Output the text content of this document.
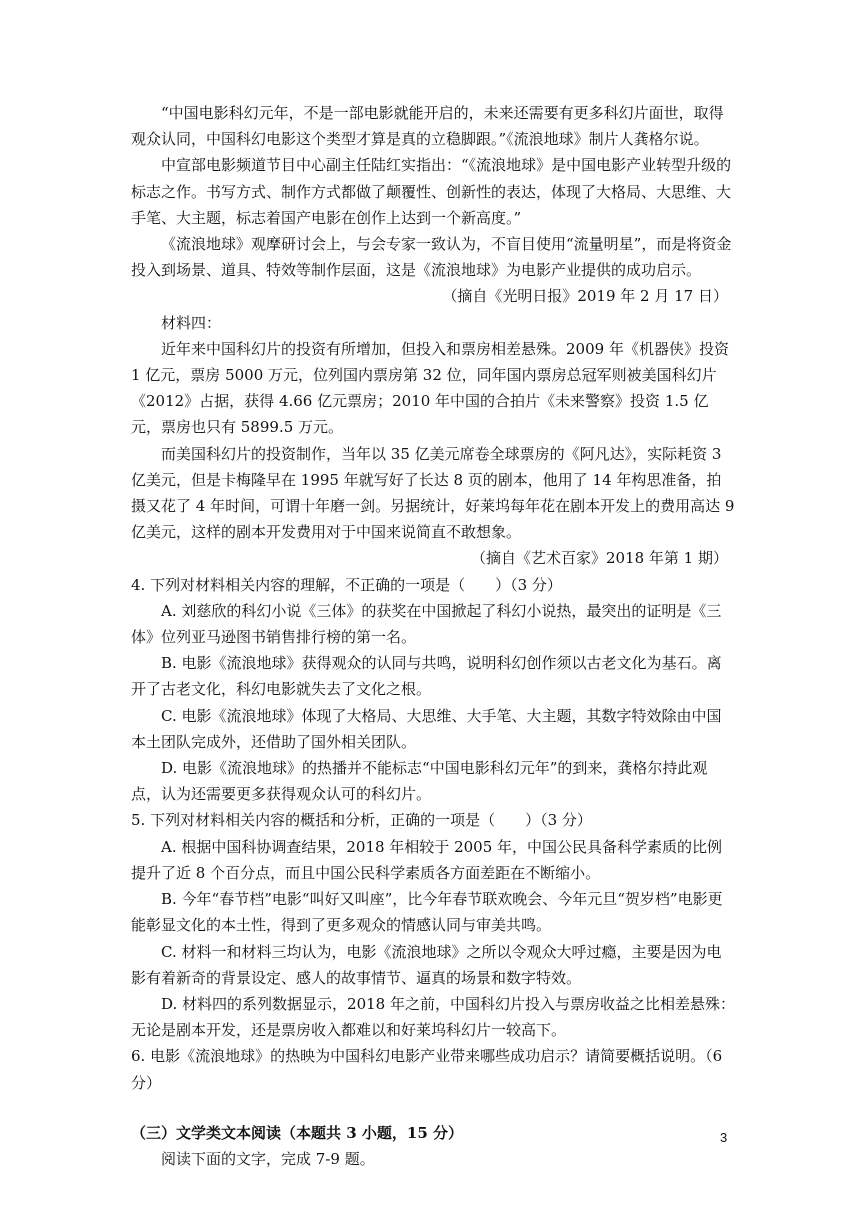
“中国电影科幻元年，不是一部电影就能开启的，未来还需要有更多科幻片面世，取得观众认同，中国科幻电影这个类型才算是真的立稳脚跟。”《流浪地球》制片人龚格尔说。

中宣部电影频道节目中心副主任陆红实指出：“《流浪地球》是中国电影产业转型升级的标志之作。书写方式、制作方式都做了颠覆性、创新性的表达，体现了大格局、大思维、大手笔、大主题，标志着国产电影在创作上达到一个新高度。”

《流浪地球》观摩研讨会上，与会专家一致认为，不盲目使用“流量明星”，而是将资金投入到场景、道具、特效等制作层面，这是《流浪地球》为电影产业提供的成功启示。

（摘自《光明日报》2019 年 2 月 17 日）

材料四：

近年来中国科幻片的投资有所增加，但投入和票房相差悬殊。2009 年《机器侠》投资 1 亿元，票房 5000 万元，位列国内票房第 32 位，同年国内票房总冠军则被美国科幻片《2012》占据，获得 4.66 亿元票房；2010 年中国的合拍片《未来警察》投资 1.5 亿元，票房也只有 5899.5 万元。

而美国科幻片的投资制作，当年以 35 亿美元席卷全球票房的《阿凡达》，实际耗资 3 亿美元，但是卡梅隆早在 1995 年就写好了长达 8 页的剧本，他用了 14 年构思准备，拍摄又花了 4 年时间，可谓十年磨一剑。另据统计，好莱坞每年花在剧本开发上的费用高达 9 亿美元，这样的剧本开发费用对于中国来说简直不敢想象。

（摘自《艺术百家》2018 年第 1 期）

4. 下列对材料相关内容的理解，不正确的一项是（　　）（3 分）

A. 刘慈欣的科幻小说《三体》的获奖在中国掀起了科幻小说热，最突出的证明是《三体》位列亚马逊图书销售排行榜的第一名。

B. 电影《流浪地球》获得观众的认同与共鸣，说明科幻创作须以古老文化为基石。离开了古老文化，科幻电影就失去了文化之根。

C. 电影《流浪地球》体现了大格局、大思维、大手笔、大主题，其数字特效除由中国本土团队完成外，还借助了国外相关团队。

D. 电影《流浪地球》的热播并不能标志“中国电影科幻元年”的到来，龚格尔持此观点，认为还需要更多获得观众认可的科幻片。

5. 下列对材料相关内容的概括和分析，正确的一项是（　　）（3 分）

A. 根据中国科协调查结果，2018 年相较于 2005 年，中国公民具备科学素质的比例提升了近 8 个百分点，而且中国公民科学素质各方面差距在不断缩小。

B. 今年“春节档”电影“叫好又叫座”，比今年春节联欢晚会、今年元旦“贺岁档”电影更能彰显文化的本土性，得到了更多观众的情感认同与审美共鸣。

C. 材料一和材料三均认为，电影《流浪地球》之所以令观众大呼过瘾，主要是因为电影有着新奇的背景设定、感人的故事情节、逼真的场景和数字特效。

D. 材料四的系列数据显示，2018 年之前，中国科幻片投入与票房收益之比相差悬殊：无论是剧本开发，还是票房收入都难以和好莱坞科幻片一较高下。

6. 电影《流浪地球》的热映为中国科幻电影产业带来哪些成功启示？请简要概括说明。（6 分）

（三）文学类文本阅读（本题共 3 小题，15 分）

阅读下面的文字，完成 7-9 题。

3
